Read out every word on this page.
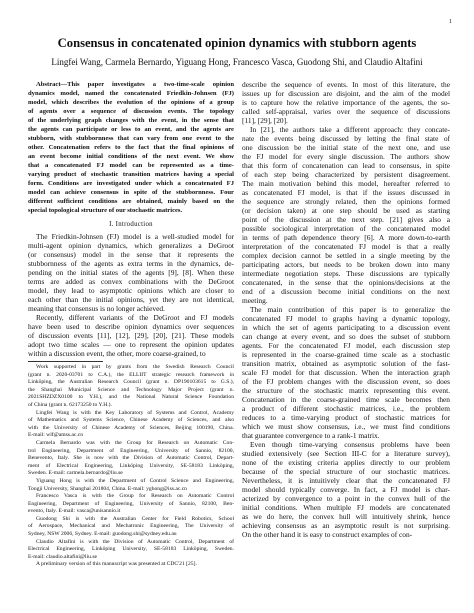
1
Consensus in concatenated opinion dynamics with stubborn agents
Lingfei Wang, Carmela Bernardo, Yiguang Hong, Francesco Vasca, Guodong Shi, and Claudio Altafini
Abstract—This paper investigates a two-time-scale opinion
dynamics model, named the concatenated Friedkin-Johnsen (FJ)
model, which describes the evolution of the opinions of a group
of agents over a sequence of discussion events. The topology
of the underlying graph changes with the event, in the sense that
the agents can participate or less to an event, and the agents are
stubborn, with stubbornness that can vary from one event to the
other. Concatenation refers to the fact that the final opinions of
an event become initial conditions of the next event. We show
that a concatenated FJ model can be represented as a time-
varying product of stochastic transition matrices having a special
form. Conditions are investigated under which a concatenated FJ
model can achieve consensus in spite of the stubbornness. Four
different sufficient conditions are obtained, mainly based on the
special topological structure of our stochastic matrices.
I. Introduction
The Friedkin-Johnsen (FJ) model is a well-studied model for
multi-agent opinion dynamics, which generalizes a DeGroot
(or consensus) model in the sense that it represents the
stubbornness of the agents as extra terms in the dynamics, de-
pending on the initial states of the agents [9], [8]. When these
terms are added as convex combinations with the DeGroot
model, they lead to asymptotic opinions which are closer to
each other than the initial opinions, yet they are not identical,
meaning that consensus is no longer achieved.
Recently, different variants of the DeGroot and FJ models
have been used to describe opinion dynamics over sequences
of discussion events [11], [12], [29], [20], [21]. These models
adopt two time scales — one to represent the opinion updates
within a discussion event, the other, more coarse-grained, to
Work supported in part by grants from the Swedish Research Council
(grant n. 2020-03701 to C.A.), the ELLIIT strategic research framework in
Linköping, the Australian Research Council (grant n. DP190103615 to G.S.),
the Shanghai Municipal Science and Technology Major Project (grant n.
2021SHZDZX0100 to Y.H.), and the National Natural Science Foundation
of China (grant n. 62173250 to Y.H.).
Lingfei Wang is with the Key Laboratory of Systems and Control, Academy
of Mathematics and Systems Science, Chinese Academy of Sciences, and also
with the University of Chinese Academy of Sciences, Beijing 100190, China.
E-mail: wlf@amss.ac.cn
Carmela Bernardo was with the Group for Research on Automatic Con-
trol Engineering, Department of Engineering, University of Sannio, 82100,
Benevento, Italy. She is now with the Division of Automatic Control, Depart-
ment of Electrical Engineering, Linköping University, SE-58183 Linköping,
Sweden. E-mail: carmela.bernardo@liu.se
Yiguang Hong is with the Department of Control Science and Engineering,
Tongji University, Shanghai 201804, China. E-mail: yghong@iss.ac.cn
Francesco Vasca is with the Group for Research on Automatic Control
Engineering, Department of Engineering, University of Sannio, 82100, Ben-
evento, Italy. E-mail: vasca@unisannio.it
Guodong Shi is with the Australian Center for Field Robotics, School
of Aerospace, Mechanical and Mechatronic Engineering, The University of
Sydney, NSW 2006, Sydney. E-mail: guodong.shi@sydney.edu.au
Claudio Altafini is with the Division of Automatic Control, Department of
Electrical Engineering, Linköping University, SE-58183 Linköping, Sweden.
E-mail: claudio.altafini@liu.se
A preliminary version of this manuscript was presented at CDC'21 [25].
describe the sequence of events. In most of this literature, the
issues up for discussion are disjoint, and the aim of the model
is to capture how the relative importance of the agents, the so-
called self-appraisal, varies over the sequence of discussions
[11], [29], [20].
In [21], the authors take a different approach: they concate-
nate the events being discussed by letting the final state of
one discussion be the initial state of the next one, and use
the FJ model for every single discussion. The authors show
that this form of concatenation can lead to consensus, in spite
of each step being characterized by persistent disagreement.
The main motivation behind this model, hereafter referred to
as concatenated FJ model, is that if the issues discussed in
the sequence are strongly related, then the opinions formed
(or decision taken) at one step should be used as starting
point of the discussion at the next step. [21] gives also a
possible sociological interpretation of the concatenated model
in terms of path dependence theory [6]. A more down-to-earth
interpretation of the concatenated FJ model is that a really
complex decision cannot be settled in a single meeting by the
participating actors, but needs to be broken down into many
intermediate negotiation steps. These discussions are typically
concatenated, in the sense that the opinions/decisions at the
end of a discussion become initial conditions on the next
meeting.
The main contribution of this paper is to generalize the
concatenated FJ model to graphs having a dynamic topology,
in which the set of agents participating to a discussion event
can change at every event, and so does the subset of stubborn
agents. For the concatenated FJ model, each discussion step
is represented in the coarse-grained time scale as a stochastic
transition matrix, obtained as asymptotic solution of the fast-
scale FJ model for that discussion. When the interaction graph
of the FJ problem changes with the discussion event, so does
the structure of the stochastic matrix representing this event.
Concatenation in the coarse-grained time scale becomes then
a product of different stochastic matrices, i.e., the problem
reduces to a time-varying product of stochastic matrices for
which we must show consensus, i.e., we must find conditions
that guarantee convergence to a rank-1 matrix.
Even though time-varying consensus problems have been
studied extensively (see Section III-C for a literature survey),
none of the existing criteria applies directly to our problem
because of the special structure of our stochastic matrices.
Nevertheless, it is intuitively clear that the concatenated FJ
model should typically converge. In fact, a FJ model is char-
acterized by convergence to a point in the convex hull of the
initial conditions. When multiple FJ models are concatenated
as we do here, the convex hull will intuitively shrink, hence
achieving consensus as an asymptotic result is not surprising.
On the other hand it is easy to construct examples of con-
